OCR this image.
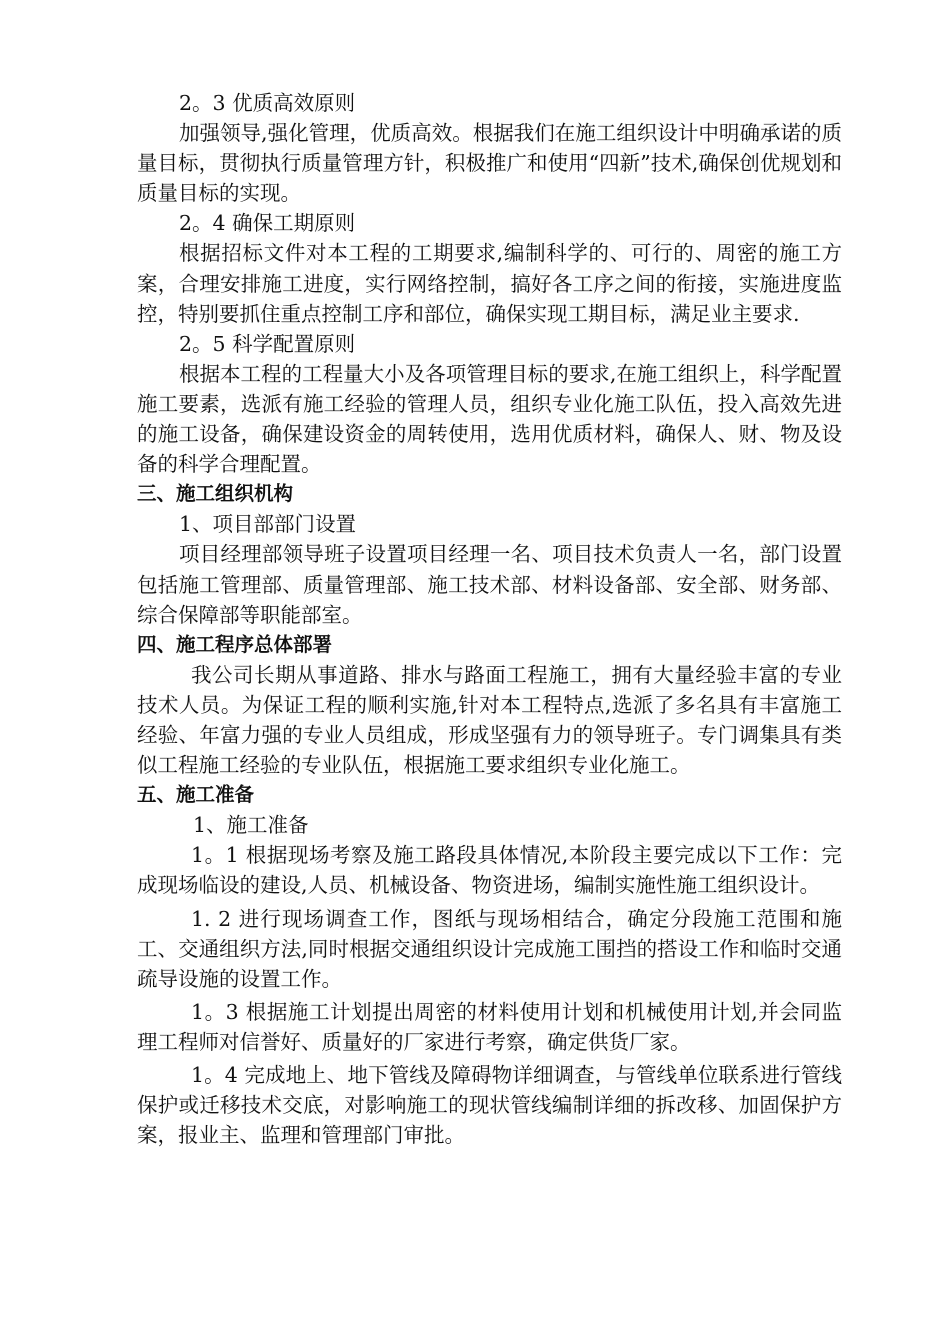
2。3 优质高效原则

加强领导,强化管理，优质高效。根据我们在施工组织设计中明确承诺的质量目标，贯彻执行质量管理方针，积极推广和使用“四新”技术,确保创优规划和质量目标的实现。

2。4 确保工期原则

根据招标文件对本工程的工期要求,编制科学的、可行的、周密的施工方案，合理安排施工进度，实行网络控制，搞好各工序之间的衔接，实施进度监控，特别要抓住重点控制工序和部位，确保实现工期目标，满足业主要求.

2。5 科学配置原则

根据本工程的工程量大小及各项管理目标的要求,在施工组织上，科学配置施工要素，选派有施工经验的管理人员，组织专业化施工队伍，投入高效先进的施工设备，确保建设资金的周转使用，选用优质材料，确保人、财、物及设备的科学合理配置。

三、施工组织机构

1、项目部部门设置

项目经理部领导班子设置项目经理一名、项目技术负责人一名，部门设置包括施工管理部、质量管理部、施工技术部、材料设备部、安全部、财务部、综合保障部等职能部室。

四、施工程序总体部署

我公司长期从事道路、排水与路面工程施工，拥有大量经验丰富的专业技术人员。为保证工程的顺利实施,针对本工程特点,选派了多名具有丰富施工经验、年富力强的专业人员组成，形成坚强有力的领导班子。专门调集具有类似工程施工经验的专业队伍，根据施工要求组织专业化施工。

五、施工准备

1、施工准备

1。1 根据现场考察及施工路段具体情况,本阶段主要完成以下工作：完成现场临设的建设,人员、机械设备、物资进场，编制实施性施工组织设计。

1. 2 进行现场调查工作，图纸与现场相结合，确定分段施工范围和施工、交通组织方法,同时根据交通组织设计完成施工围挡的搭设工作和临时交通疏导设施的设置工作。

1。3 根据施工计划提出周密的材料使用计划和机械使用计划,并会同监理工程师对信誉好、质量好的厂家进行考察，确定供货厂家。

1。4 完成地上、地下管线及障碍物详细调查，与管线单位联系进行管线保护或迁移技术交底，对影响施工的现状管线编制详细的拆改移、加固保护方案，报业主、监理和管理部门审批。
